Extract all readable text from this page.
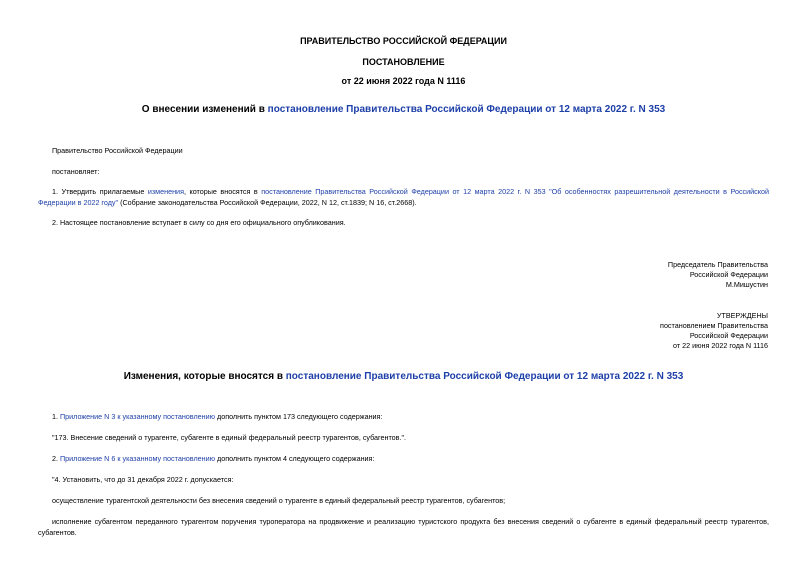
ПРАВИТЕЛЬСТВО РОССИЙСКОЙ ФЕДЕРАЦИИ
ПОСТАНОВЛЕНИЕ
от 22 июня 2022 года N 1116
О внесении изменений в постановление Правительства Российской Федерации от 12 марта 2022 г. N 353
Правительство Российской Федерации
постановляет:
1. Утвердить прилагаемые изменения, которые вносятся в постановление Правительства Российской Федерации от 12 марта 2022 г. N 353 "Об особенностях разрешительной деятельности в Российской Федерации в 2022 году" (Собрание законодательства Российской Федерации, 2022, N 12, ст.1839; N 16, ст.2668).
2. Настоящее постановление вступает в силу со дня его официального опубликования.
Председатель Правительства
Российской Федерации
М.Мишустин
УТВЕРЖДЕНЫ
постановлением Правительства
Российской Федерации
от 22 июня 2022 года N 1116
Изменения, которые вносятся в постановление Правительства Российской Федерации от 12 марта 2022 г. N 353
1. Приложение N 3 к указанному постановлению дополнить пунктом 173 следующего содержания:
"173. Внесение сведений о турагенте, субагенте в единый федеральный реестр турагентов, субагентов.".
2. Приложение N 6 к указанному постановлению дополнить пунктом 4 следующего содержания:
"4. Установить, что до 31 декабря 2022 г. допускается:
осуществление турагентской деятельности без внесения сведений о турагенте в единый федеральный реестр турагентов, субагентов;
исполнение субагентом переданного турагентом поручения туроператора на продвижение и реализацию туристского продукта без внесения сведений о субагенте в единый федеральный реестр турагентов, субагентов.
